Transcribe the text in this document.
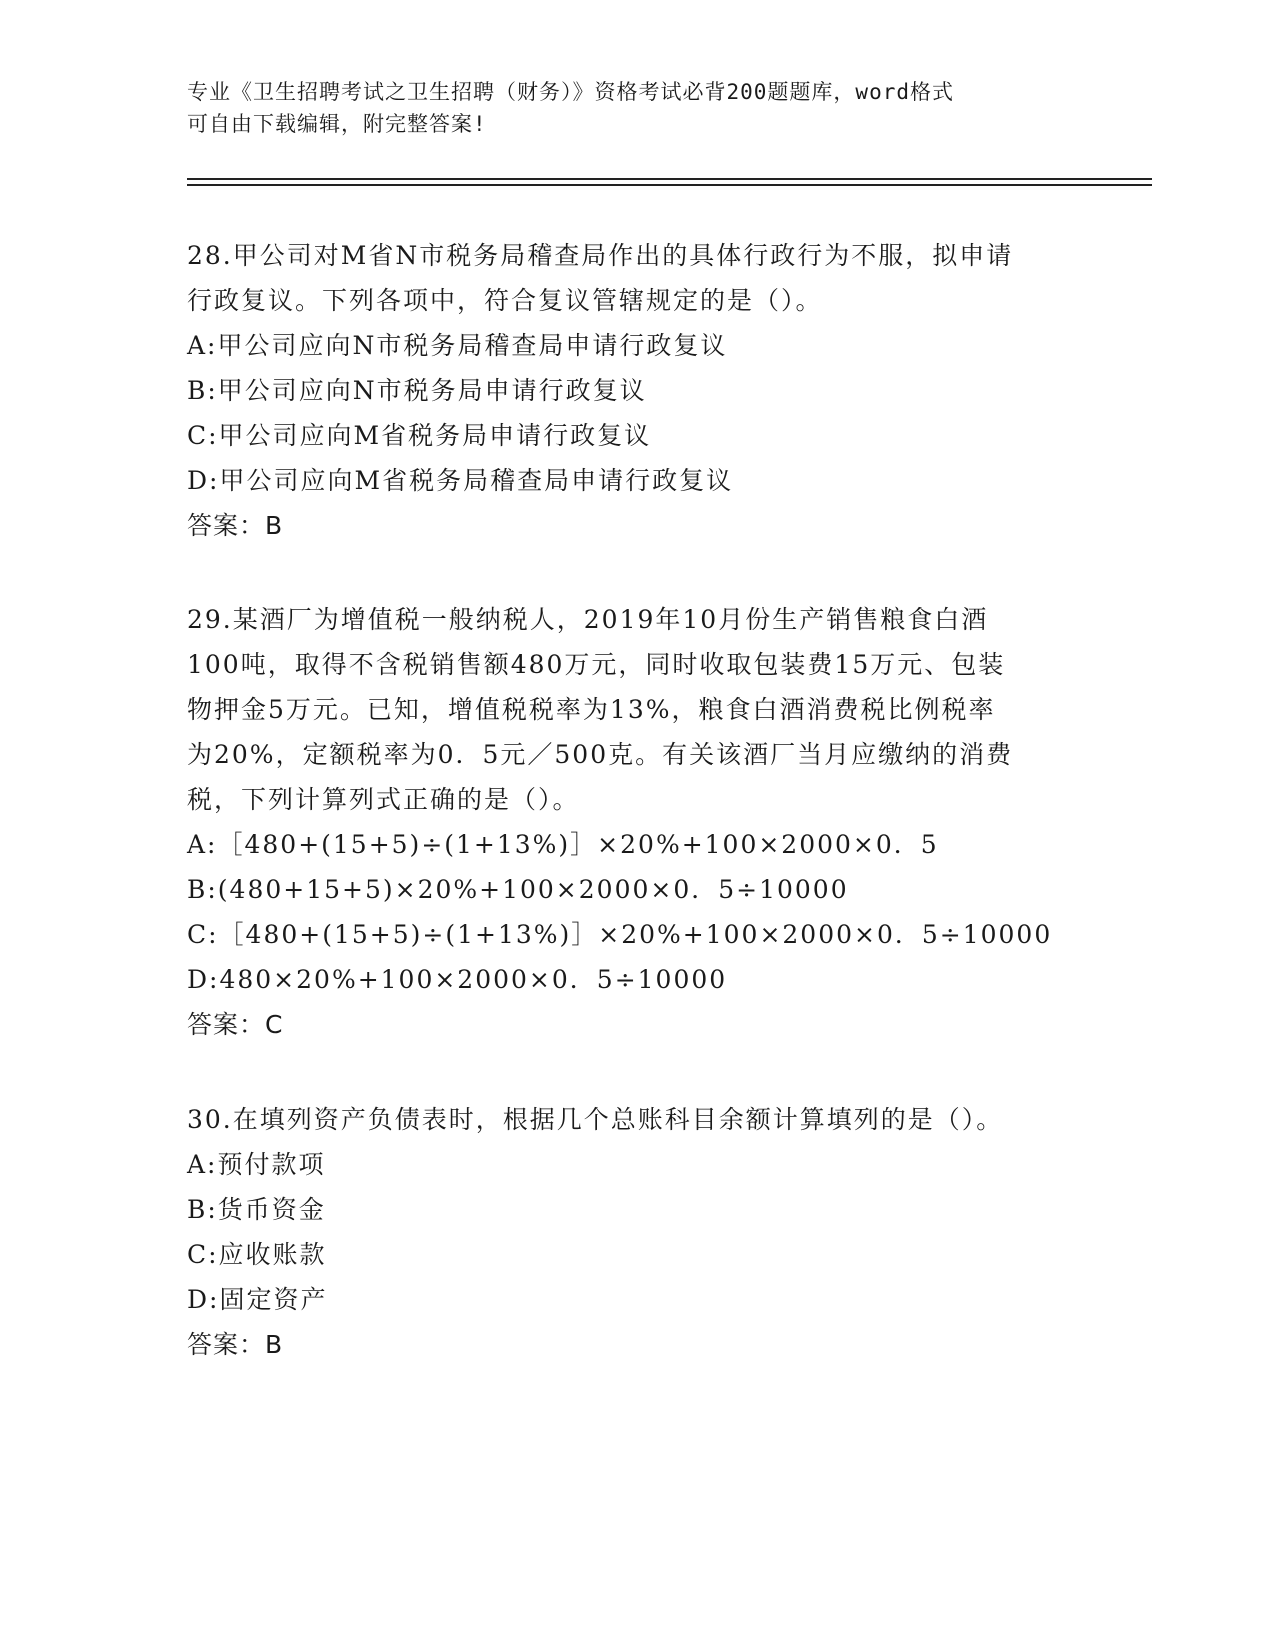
专业《卫生招聘考试之卫生招聘（财务）》资格考试必背200题题库，word格式
可自由下载编辑，附完整答案!
28.甲公司对M省N市税务局稽查局作出的具体行政行为不服，拟申请
行政复议。下列各项中，符合复议管辖规定的是（）。
A:甲公司应向N市税务局稽查局申请行政复议
B:甲公司应向N市税务局申请行政复议
C:甲公司应向M省税务局申请行政复议
D:甲公司应向M省税务局稽查局申请行政复议
答案：B
29.某酒厂为增值税一般纳税人，2019年10月份生产销售粮食白酒
100吨，取得不含税销售额480万元，同时收取包装费15万元、包装
物押金5万元。已知，增值税税率为13%，粮食白酒消费税比例税率
为20%，定额税率为0．5元／500克。有关该酒厂当月应缴纳的消费
税，下列计算列式正确的是（）。
A:［480+(15+5)÷(1+13%)］×20%+100×2000×0．5
B:(480+15+5)×20%+100×2000×0．5÷10000
C:［480+(15+5)÷(1+13%)］×20%+100×2000×0．5÷10000
D:480×20%+100×2000×0．5÷10000
答案：C
30.在填列资产负债表时，根据几个总账科目余额计算填列的是（）。
A:预付款项
B:货币资金
C:应收账款
D:固定资产
答案：B
